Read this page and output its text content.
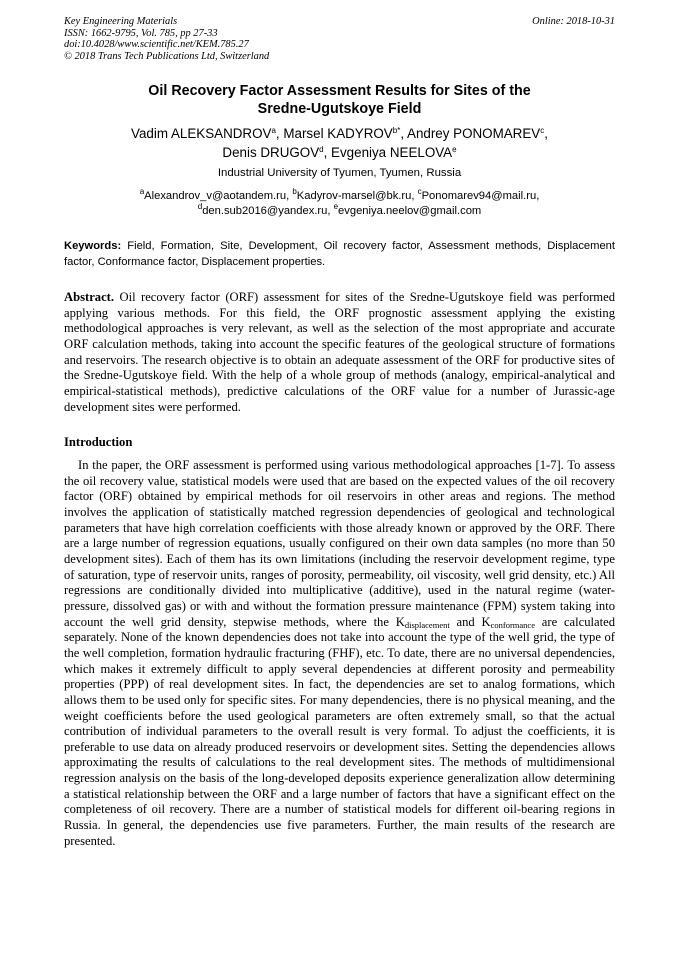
Key Engineering Materials	Online: 2018-10-31
ISSN: 1662-9795, Vol. 785, pp 27-33
doi:10.4028/www.scientific.net/KEM.785.27
© 2018 Trans Tech Publications Ltd, Switzerland
Oil Recovery Factor Assessment Results for Sites of the
Sredne-Ugutskoye Field
Vadim ALEKSANDROV$^a$, Marsel $KADYROV^{b*}$, Andrey PONOMAREV$^c$,
Denis DRUGOV$^d$, Evgeniya NEELOVA$^e$
Industrial University of Tyumen, Tyumen, Russia
$^a$Alexandrov_v@aotandem.ru, $^b$Kadyrov-marsel@bk.ru, $^c$Ponomarev94@mail.ru,
$^d$den.sub2016@yandex.ru, $^e$evgeniya.neelov@gmail.com
Keywords: Field, Formation, Site, Development, Oil recovery factor, Assessment methods, Displacement factor, Conformance factor, Displacement properties.
Abstract. Oil recovery factor (ORF) assessment for sites of the Sredne-Ugutskoye field was performed applying various methods. For this field, the ORF prognostic assessment applying the existing methodological approaches is very relevant, as well as the selection of the most appropriate and accurate ORF calculation methods, taking into account the specific features of the geological structure of formations and reservoirs. The research objective is to obtain an adequate assessment of the ORF for productive sites of the Sredne-Ugutskoye field. With the help of a whole group of methods (analogy, empirical-analytical and empirical-statistical methods), predictive calculations of the ORF value for a number of Jurassic-age development sites were performed.
Introduction
In the paper, the ORF assessment is performed using various methodological approaches [1-7]. To assess the oil recovery value, statistical models were used that are based on the expected values of the oil recovery factor (ORF) obtained by empirical methods for oil reservoirs in other areas and regions. The method involves the application of statistically matched regression dependencies of geological and technological parameters that have high correlation coefficients with those already known or approved by the ORF. There are a large number of regression equations, usually configured on their own data samples (no more than 50 development sites). Each of them has its own limitations (including the reservoir development regime, type of saturation, type of reservoir units, ranges of porosity, permeability, oil viscosity, well grid density, etc.) All regressions are conditionally divided into multiplicative (additive), used in the natural regime (water-pressure, dissolved gas) or with and without the formation pressure maintenance (FPM) system taking into account the well grid density, stepwise methods, where the $K_{displacement}$ and $K_{conformance}$ are calculated separately. None of the known dependencies does not take into account the type of the well grid, the type of the well completion, formation hydraulic fracturing (FHF), etc. To date, there are no universal dependencies, which makes it extremely difficult to apply several dependencies at different porosity and permeability properties (PPP) of real development sites. In fact, the dependencies are set to analog formations, which allows them to be used only for specific sites. For many dependencies, there is no physical meaning, and the weight coefficients before the used geological parameters are often extremely small, so that the actual contribution of individual parameters to the overall result is very formal. To adjust the coefficients, it is preferable to use data on already produced reservoirs or development sites. Setting the dependencies allows approximating the results of calculations to the real development sites. The methods of multidimensional regression analysis on the basis of the long-developed deposits experience generalization allow determining a statistical relationship between the ORF and a large number of factors that have a significant effect on the completeness of oil recovery. There are a number of statistical models for different oil-bearing regions in Russia. In general, the dependencies use five parameters. Further, the main results of the research are presented.
